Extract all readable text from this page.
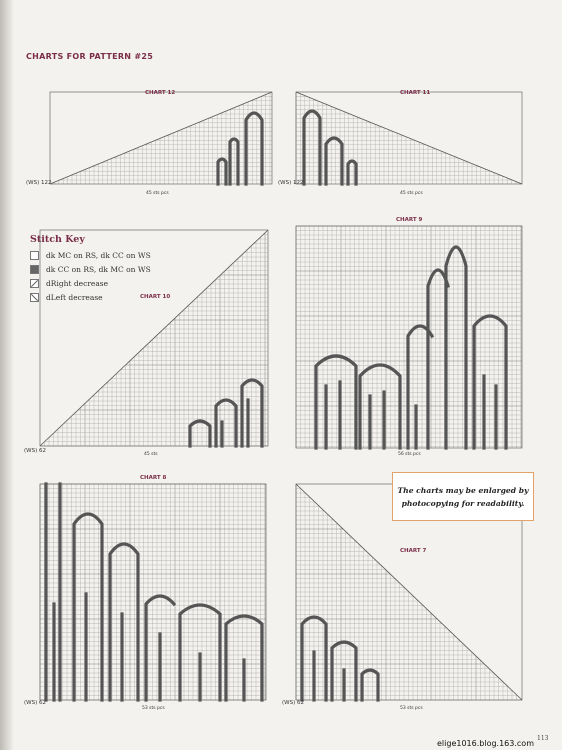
CHARTS FOR PATTERN #25
CHART 12
(WS) 122
45 sts pcs
CHART 11
(WS) 122
45 sts pcs
Stitch Key
dk MC on RS, dk CC on WS
dk CC on RS, dk MC on WS
dRight decrease
dLeft decrease	CHART 10
(WS) 62
45 sts
CHART 9
56 sts pcs
CHART 8
(WS) 62
53 sts pcs
CHART 7
(WS) 62
53 sts pcs
The charts may be enlarged by photocopying for readability.
113
elige1016.blog.163.com
